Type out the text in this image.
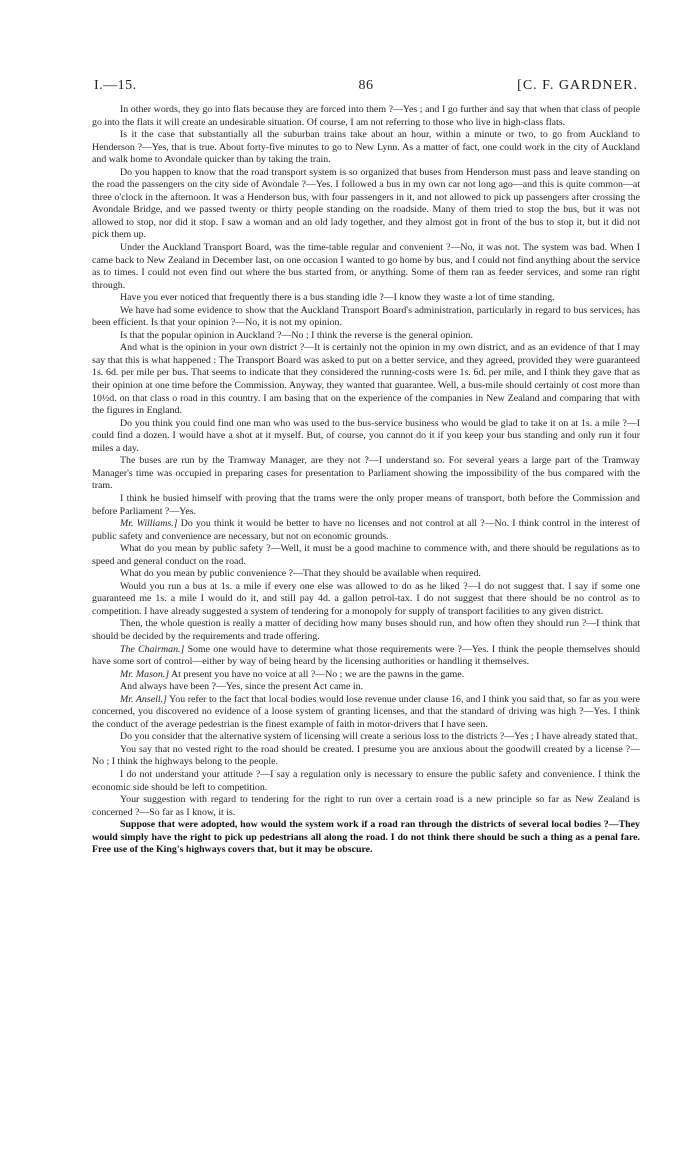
I.—15.	86	[C. F. GARDNER.

In other words, they go into flats because they are forced into them ?—Yes ; and I go further and say that when that class of people go into the flats it will create an undesirable situation. Of course, I am not referring to those who live in high-class flats.

Is it the case that substantially all the suburban trains take about an hour, within a minute or two, to go from Auckland to Henderson ?—Yes, that is true. About forty-five minutes to go to New Lynn. As a matter of fact, one could work in the city of Auckland and walk home to Avondale quicker than by taking the train.

Do you happen to know that the road transport system is so organized that buses from Henderson must pass and leave standing on the road the passengers on the city side of Avondale ?—Yes. I followed a bus in my own car not long ago—and this is quite common—at three o'clock in the afternoon. It was a Henderson bus, with four passengers in it, and not allowed to pick up passengers after crossing the Avondale Bridge, and we passed twenty or thirty people standing on the roadside. Many of them tried to stop the bus, but it was not allowed to stop, nor did it stop. I saw a woman and an old lady together, and they almost got in front of the bus to stop it, but it did not pick them up.

Under the Auckland Transport Board, was the time-table regular and convenient ?—No, it was not. The system was bad. When I came back to New Zealand in December last, on one occasion I wanted to go home by bus, and I could not find anything about the service as to times. I could not even find out where the bus started from, or anything. Some of them ran as feeder services, and some ran right through.

Have you ever noticed that frequently there is a bus standing idle ?—I know they waste a lot of time standing.

We have had some evidence to show that the Auckland Transport Board's administration, particularly in regard to bus services, has been efficient. Is that your opinion ?—No, it is not my opinion.

Is that the popular opinion in Auckland ?—No ; I think the reverse is the general opinion.

And what is the opinion in your own district ?—It is certainly not the opinion in my own district, and as an evidence of that I may say that this is what happened : The Transport Board was asked to put on a better service, and they agreed, provided they were guaranteed 1s. 6d. per mile per bus. That seems to indicate that they considered the running-costs were 1s. 6d. per mile, and I think they gave that as their opinion at one time before the Commission. Anyway, they wanted that guarantee. Well, a bus-mile should certainly ot cost more than 10½d. on that class o road in this country. I am basing that on the experience of the companies in New Zealand and comparing that with the figures in England.

Do you think you could find one man who was used to the bus-service business who would be glad to take it on at 1s. a mile ?—I could find a dozen. I would have a shot at it myself. But, of course, you cannot do it if you keep your bus standing and only run it four miles a day.

The buses are run by the Tramway Manager, are they not ?—I understand so. For several years a large part of the Tramway Manager's time was occupied in preparing cases for presentation to Parliament showing the impossibility of the bus compared with the tram.

I think he busied himself with proving that the trams were the only proper means of transport, both before the Commission and before Parliament ?—Yes.

Mr. Williams.] Do you think it would be better to have no licenses and not control at all ?—No. I think control in the interest of public safety and convenience are necessary, but not on economic grounds.

What do you mean by public safety ?—Well, it must be a good machine to commence with, and there should be regulations as to speed and general conduct on the road.

What do you mean by public convenience ?—That they should be available when required.

Would you run a bus at 1s. a mile if every one else was allowed to do as he liked ?—I do not suggest that. I say if some one guaranteed me 1s. a mile I would do it, and still pay 4d. a gallon petrol-tax. I do not suggest that there should be no control as to competition. I have already suggested a system of tendering for a monopoly for supply of transport facilities to any given district.

Then, the whole question is really a matter of deciding how many buses should run, and how often they should run ?—I think that should be decided by the requirements and trade offering.

The Chairman.] Some one would have to determine what those requirements were ?—Yes. I think the people themselves should have some sort of control—either by way of being heard by the licensing authorities or handling it themselves.

Mr. Mason.] At present you have no voice at all ?—No ; we are the pawns in the game.

And always have been ?—Yes, since the present Act came in.

Mr. Ansell.] You refer to the fact that local bodies would lose revenue under clause 16, and I think you said that, so far as you were concerned, you discovered no evidence of a loose system of granting licenses, and that the standard of driving was high ?—Yes. I think the conduct of the average pedestrian is the finest example of faith in motor-drivers that I have seen.

Do you consider that the alternative system of licensing will create a serious loss to the districts ?—Yes ; I have already stated that.

You say that no vested right to the road should be created. I presume you are anxious about the goodwill created by a license ?—No ; I think the highways belong to the people.

I do not understand your attitude ?—I say a regulation only is necessary to ensure the public safety and convenience. I think the economic side should be left to competition.

Your suggestion with regard to tendering for the right to run over a certain road is a new principle so far as New Zealand is concerned ?—So far as I know, it is.

Suppose that were adopted, how would the system work if a road ran through the districts of several local bodies ?—They would simply have the right to pick up pedestrians all along the road. I do not think there should be such a thing as a penal fare. Free use of the King's highways covers that, but it may be obscure.
